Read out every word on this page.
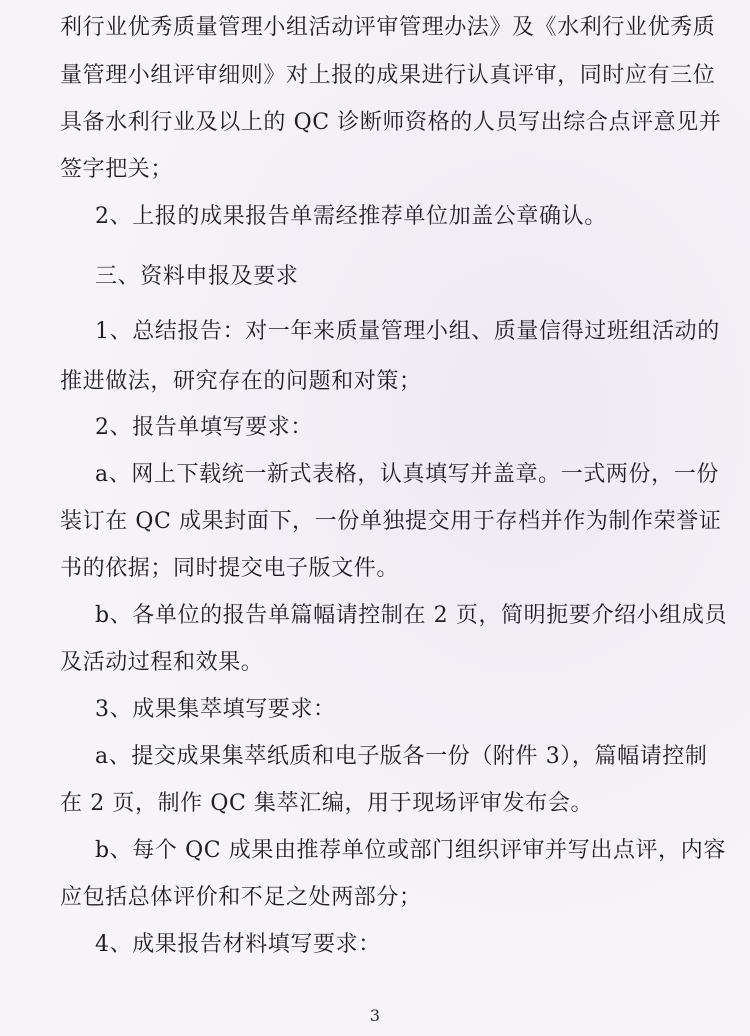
利行业优秀质量管理小组活动评审管理办法》及《水利行业优秀质
量管理小组评审细则》对上报的成果进行认真评审，同时应有三位
具备水利行业及以上的 QC 诊断师资格的人员写出综合点评意见并
签字把关；
2、上报的成果报告单需经推荐单位加盖公章确认。
三、资料申报及要求
1、总结报告：对一年来质量管理小组、质量信得过班组活动的
推进做法，研究存在的问题和对策；
2、报告单填写要求：
a、网上下载统一新式表格，认真填写并盖章。一式两份，一份
装订在 QC 成果封面下，一份单独提交用于存档并作为制作荣誉证
书的依据；同时提交电子版文件。
b、各单位的报告单篇幅请控制在 2 页，简明扼要介绍小组成员
及活动过程和效果。
3、成果集萃填写要求：
a、提交成果集萃纸质和电子版各一份（附件 3），篇幅请控制
在 2 页，制作 QC 集萃汇编，用于现场评审发布会。
b、每个 QC 成果由推荐单位或部门组织评审并写出点评，内容
应包括总体评价和不足之处两部分；
4、成果报告材料填写要求：
3
